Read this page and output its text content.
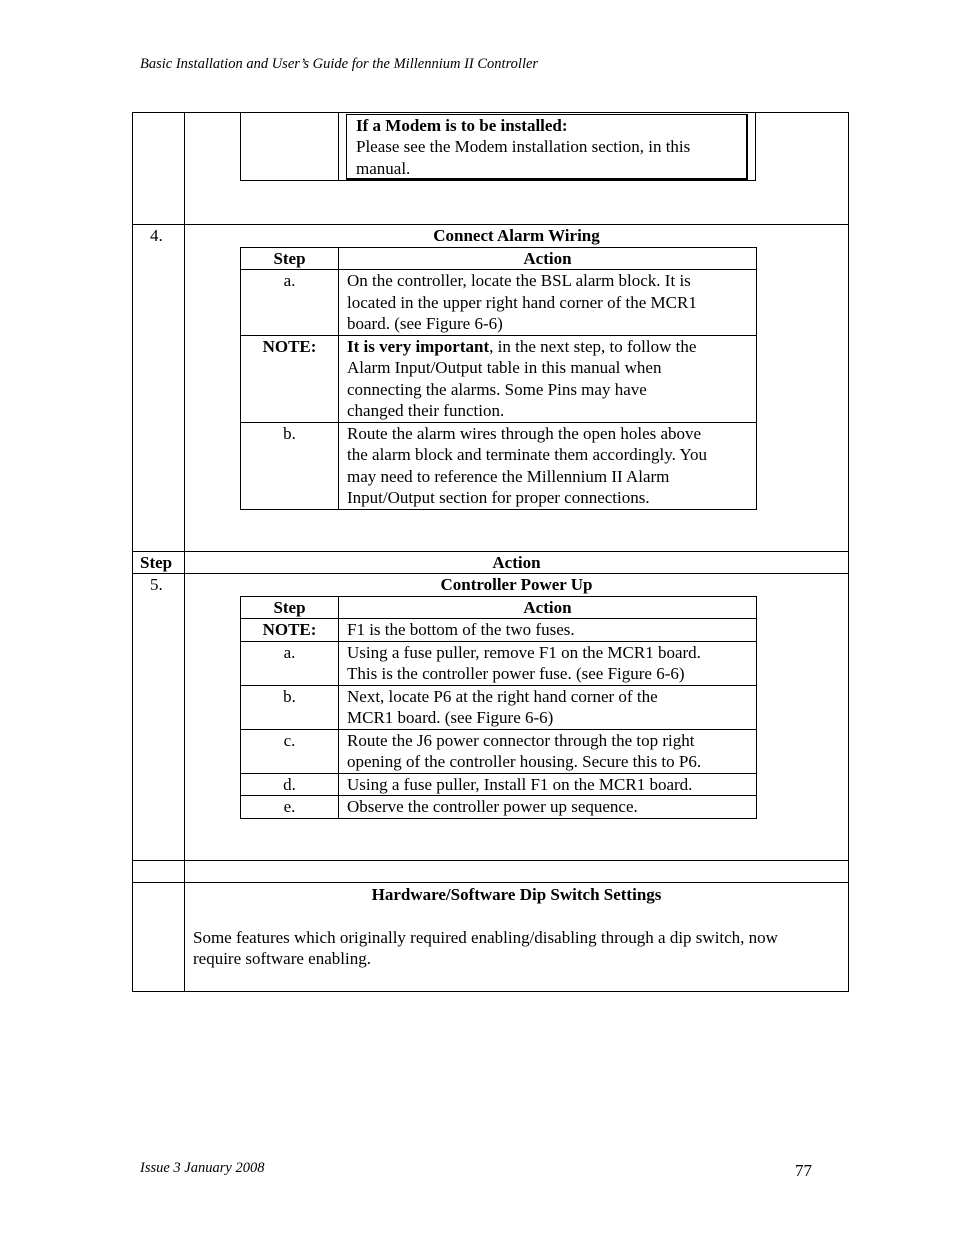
Basic Installation and User’s Guide for the Millennium II Controller
If a Modem is to be installed:
Please see the Modem installation section, in this manual.
4.	Connect Alarm Wiring
Step	Action
a.	On the controller, locate the BSL alarm block. It is
located in the upper right hand corner of the MCR1
board. (see Figure 6-6)

NOTE:	It is very important, in the next step, to follow the
Alarm Input/Output table in this manual when
connecting the alarms. Some Pins may have
changed their function.

b.	Route the alarm wires through the open holes above
the alarm block and terminate them accordingly. You
may need to reference the Millennium II Alarm
Input/Output section for proper connections.
Step	Action
5.	Controller Power Up
Step	Action
NOTE:	F1 is the bottom of the two fuses.

a.	Using a fuse puller, remove F1 on the MCR1 board.
This is the controller power fuse. (see Figure 6-6)

b.	Next, locate P6 at the right hand corner of the
MCR1 board. (see Figure 6-6)

c.	Route the J6 power connector through the top right
opening of the controller housing. Secure this to P6.

d.	Using a fuse puller, Install F1 on the MCR1 board.

e.	Observe the controller power up sequence.
Hardware/Software Dip Switch Settings
Some features which originally required enabling/disabling through a dip switch, now
require software enabling.
Issue 3 January 2008	77
